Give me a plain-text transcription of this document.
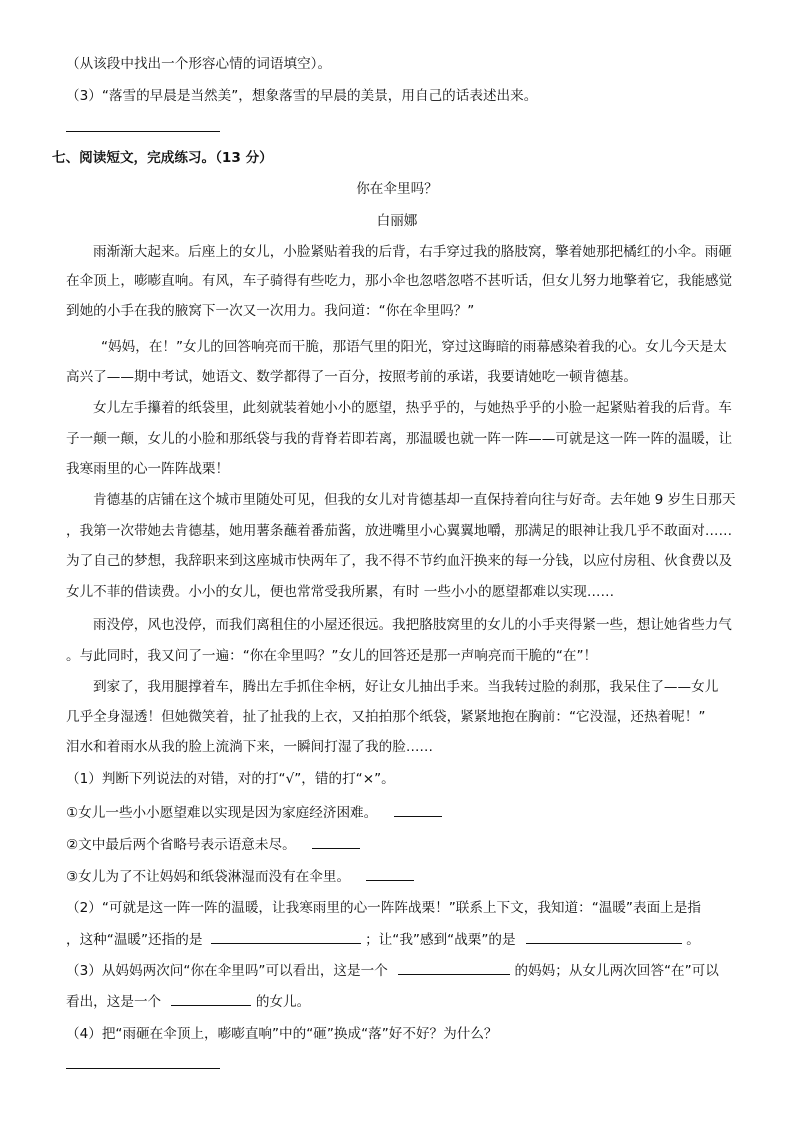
（从该段中找出一个形容心情的词语填空）。
（3）“落雪的早晨是当然美”，想象落雪的早晨的美景，用自己的话表述出来。
七、阅读短文，完成练习。（13 分）
你在伞里吗？
白丽娜
雨渐渐大起来。后座上的女儿，小脸紧贴着我的后背，右手穿过我的胳肢窝，擎着她那把橘红的小伞。雨砸
在伞顶上，嘭嘭直响。有风，车子骑得有些吃力，那小伞也忽嗒忽嗒不甚听话，但女儿努力地擎着它，我能感觉
到她的小手在我的腋窝下一次又一次用力。我问道：“你在伞里吗？”
“妈妈，在！”女儿的回答响亮而干脆，那语气里的阳光，穿过这晦暗的雨幕感染着我的心。女儿今天是太
高兴了——期中考试，她语文、数学都得了一百分，按照考前的承诺，我要请她吃一顿肯德基。
女儿左手攥着的纸袋里，此刻就装着她小小的愿望，热乎乎的，与她热乎乎的小脸一起紧贴着我的后背。车
子一颠一颠，女儿的小脸和那纸袋与我的背脊若即若离，那温暖也就一阵一阵——可就是这一阵一阵的温暖，让
我寒雨里的心一阵阵战栗！
肯德基的店铺在这个城市里随处可见，但我的女儿对肯德基却一直保持着向往与好奇。去年她 9 岁生日那天
，我第一次带她去肯德基，她用薯条蘸着番茄酱，放进嘴里小心翼翼地嚼，那满足的眼神让我几乎不敢面对……
为了自己的梦想，我辞职来到这座城市快两年了，我不得不节约血汗换来的每一分钱，以应付房租、伙食费以及
女儿不菲的借读费。小小的女儿，便也常常受我所累，有时 一些小小的愿望都难以实现……
雨没停，风也没停，而我们离租住的小屋还很远。我把胳肢窝里的女儿的小手夹得紧一些，想让她省些力气
。与此同时，我又问了一遍：“你在伞里吗？”女儿的回答还是那一声响亮而干脆的“在”！
到家了，我用腿撑着车，腾出左手抓住伞柄，好让女儿抽出手来。当我转过脸的刹那，我呆住了——女儿
几乎全身湿透！但她微笑着，扯了扯我的上衣，又拍拍那个纸袋，紧紧地抱在胸前：“它没湿，还热着呢！”
泪水和着雨水从我的脸上流淌下来，一瞬间打湿了我的脸……
（1）判断下列说法的对错，对的打“√”，错的打“×”。
①女儿一些小小愿望难以实现是因为家庭经济困难。
②文中最后两个省略号表示语意未尽。
③女儿为了不让妈妈和纸袋淋湿而没有在伞里。
（2）“可就是这一阵一阵的温暖，让我寒雨里的心一阵阵战栗！”联系上下文，我知道：“温暖”表面上是指
，这种“温暖”还指的是	；让“我”感到“战栗”的是	。
（3）从妈妈两次问“你在伞里吗”可以看出，这是一个	的妈妈；从女儿两次回答“在”可以
看出，这是一个	的女儿。
（4）把“雨砸在伞顶上，嘭嘭直响”中的“砸”换成“落”好不好？为什么？
